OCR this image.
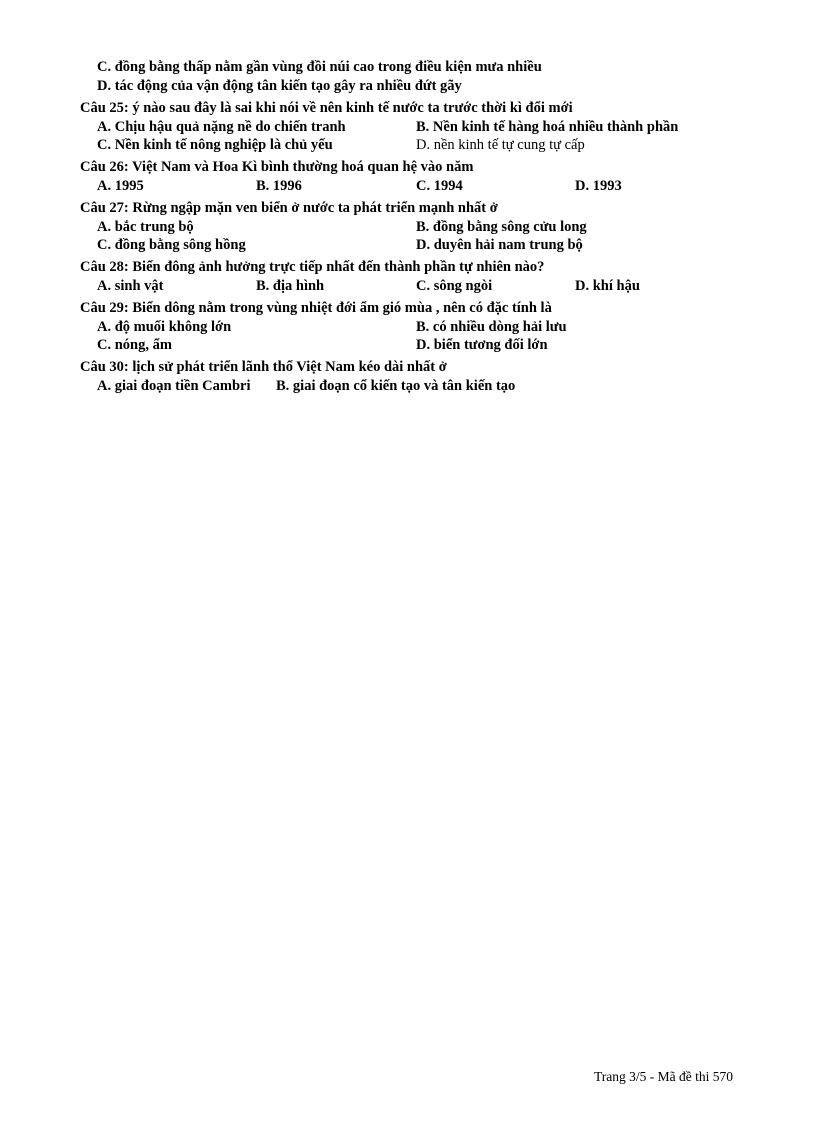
C. đồng bằng thấp nằm gần vùng đồi núi cao trong điều kiện mưa nhiều
D. tác động của vận động tân kiến tạo gây ra nhiều đứt gãy
Câu 25: ý nào sau đây là sai khi nói về nên kinh tế nước ta trước thời kì đổi mới
A. Chịu hậu quả nặng nề do chiến tranh	B. Nền kinh tế hàng hoá nhiều thành phần
C. Nền kinh tế nông nghiệp là chủ yếu	D. nền kinh tế tự cung tự cấp
Câu 26: Việt Nam và Hoa Kì bình thường hoá quan hệ vào năm
A. 1995	B. 1996	C. 1994	D. 1993
Câu 27: Rừng ngập mặn ven biển ở nước ta phát triển mạnh nhất ở
A. bắc trung bộ	B. đồng bằng sông cửu long
C. đồng bằng sông hồng	D. duyên hải nam trung bộ
Câu 28: Biển đông ảnh hưởng trực tiếp nhất đến thành phần tự nhiên nào?
A. sinh vật	B. địa hình	C. sông ngòi	D. khí hậu
Câu 29: Biển dông nằm trong vùng nhiệt đới ẩm gió mùa , nên có đặc tính là
A. độ muối không lớn	B. có nhiều dòng hải lưu
C. nóng, ẩm	D. biển tương đối lớn
Câu 30: lịch sử phát triển lãnh thổ Việt Nam kéo dài nhất ở
A. giai đoạn tiền Cambri B. giai đoạn cổ kiến tạo và tân kiến tạo
Trang 3/5 - Mã đề thi 570
